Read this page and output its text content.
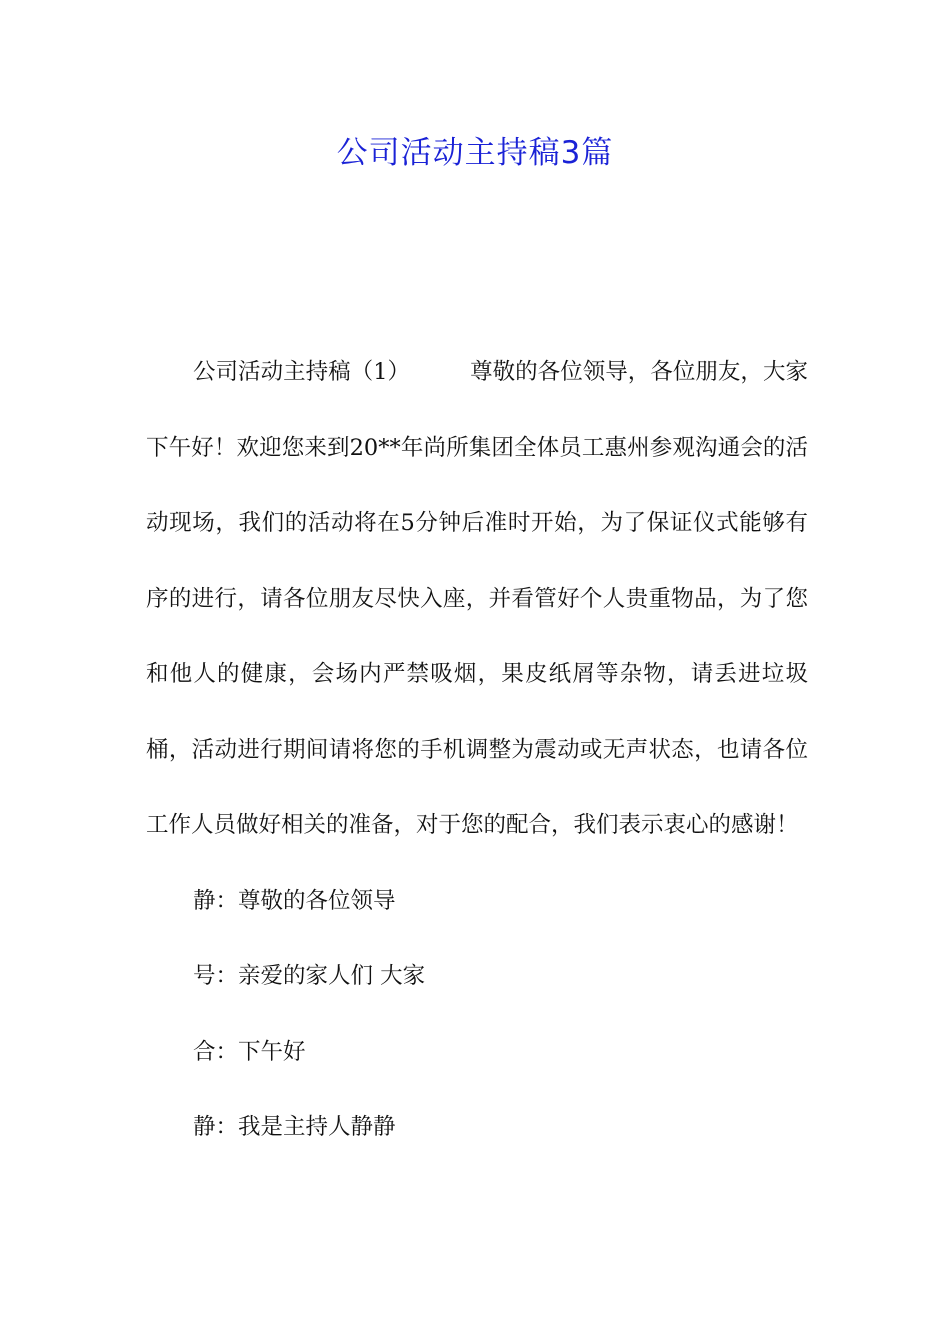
公司活动主持稿3篇

公司活动主持稿（1）	尊敬的各位领导，各位朋友，大家下午好！欢迎您来到20**年尚所集团全体员工惠州参观沟通会的活动现场，我们的活动将在5分钟后准时开始，为了保证仪式能够有序的进行，请各位朋友尽快入座，并看管好个人贵重物品，为了您和他人的健康，会场内严禁吸烟，果皮纸屑等杂物，请丢进垃圾桶，活动进行期间请将您的手机调整为震动或无声状态，也请各位工作人员做好相关的准备，对于您的配合，我们表示衷心的感谢！

静：尊敬的各位领导

号：亲爱的家人们 大家

合：下午好

静：我是主持人静静
